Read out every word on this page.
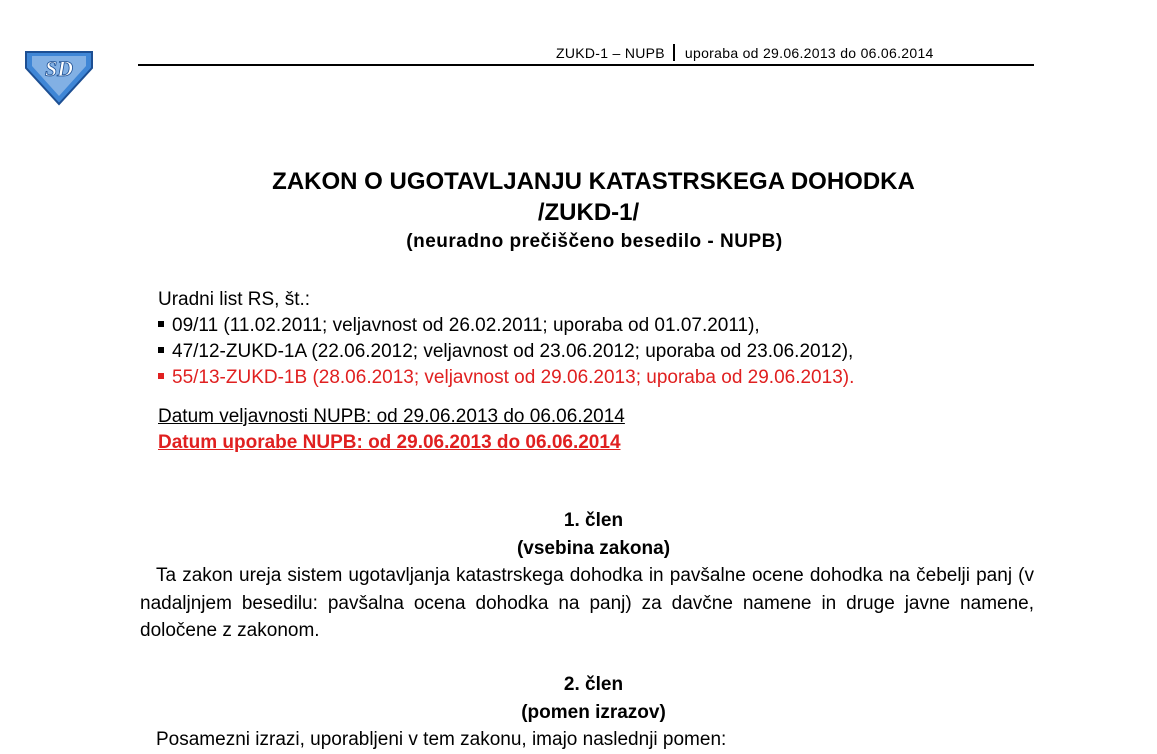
SD
ZUKD-1 – NUPB uporaba od 29.06.2013 do 06.06.2014
ZAKON O UGOTAVLJANJU KATASTRSKEGA DOHODKA
/ZUKD-1/
(neuradno prečiščeno besedilo - NUPB)
Uradni list RS, št.:
09/11 (11.02.2011; veljavnost od 26.02.2011; uporaba od 01.07.2011),
47/12-ZUKD-1A (22.06.2012; veljavnost od 23.06.2012; uporaba od 23.06.2012),
55/13-ZUKD-1B (28.06.2013; veljavnost od 29.06.2013; uporaba od 29.06.2013).
Datum veljavnosti NUPB: od 29.06.2013 do 06.06.2014
Datum uporabe NUPB: od 29.06.2013 do 06.06.2014
1. člen
(vsebina zakona)
Ta zakon ureja sistem ugotavljanja katastrskega dohodka in pavšalne ocene dohodka na čebelji panj (v nadaljnjem besedilu: pavšalna ocena dohodka na panj) za davčne namene in druge javne namene, določene z zakonom.
2. člen
(pomen izrazov)
Posamezni izrazi, uporabljeni v tem zakonu, imajo naslednji pomen:
